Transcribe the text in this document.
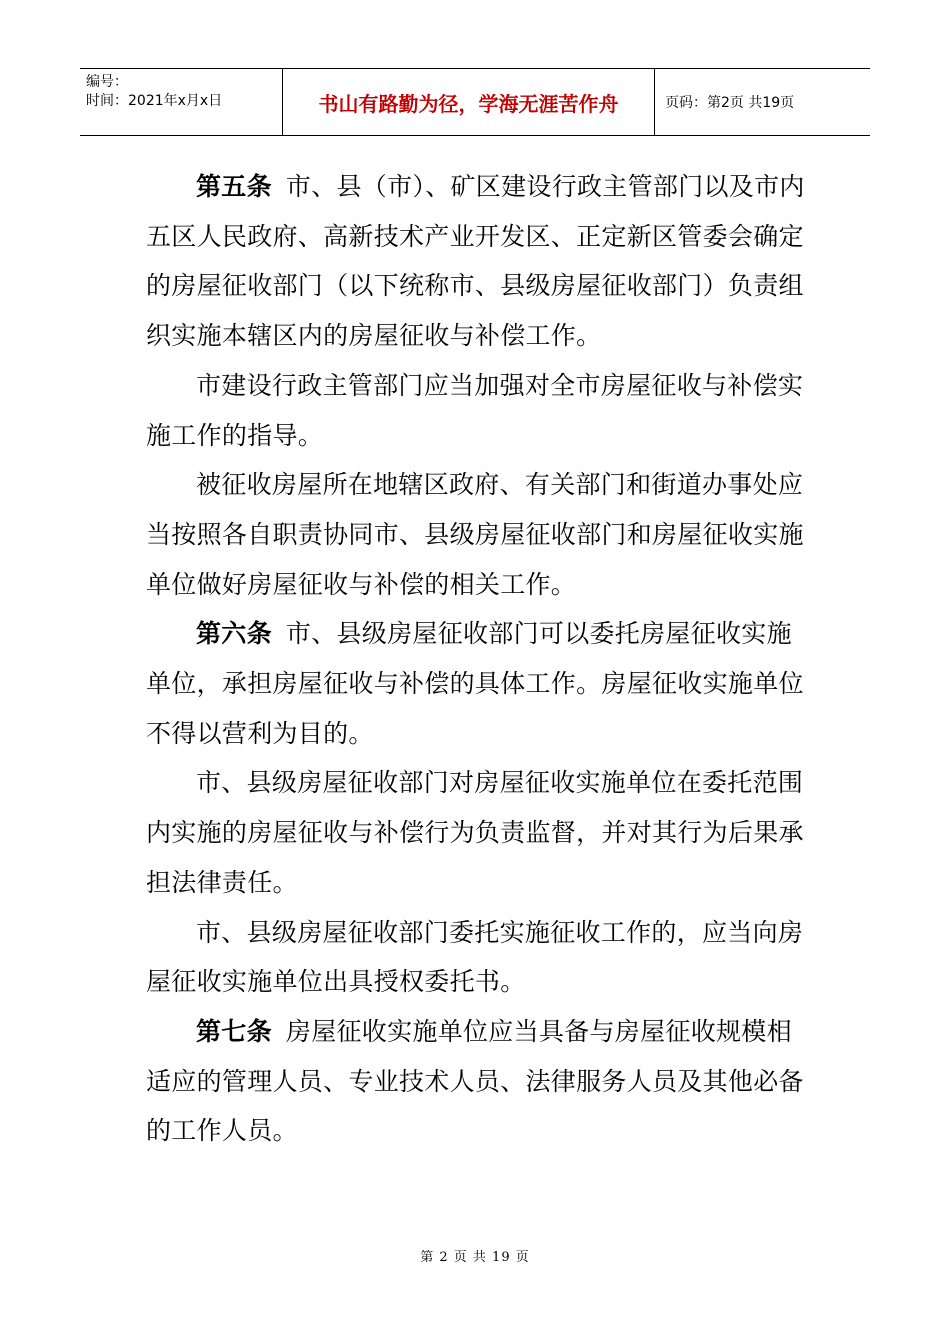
编号：
时间：2021年x月x日	书山有路勤为径，学海无涯苦作舟	页码：第2页 共19页

第五条 市、县（市）、矿区建设行政主管部门以及市内五区人民政府、高新技术产业开发区、正定新区管委会确定的房屋征收部门（以下统称市、县级房屋征收部门）负责组织实施本辖区内的房屋征收与补偿工作。

市建设行政主管部门应当加强对全市房屋征收与补偿实施工作的指导。

被征收房屋所在地辖区政府、有关部门和街道办事处应当按照各自职责协同市、县级房屋征收部门和房屋征收实施单位做好房屋征收与补偿的相关工作。

第六条 市、县级房屋征收部门可以委托房屋征收实施单位，承担房屋征收与补偿的具体工作。房屋征收实施单位不得以营利为目的。

市、县级房屋征收部门对房屋征收实施单位在委托范围内实施的房屋征收与补偿行为负责监督，并对其行为后果承担法律责任。

市、县级房屋征收部门委托实施征收工作的，应当向房屋征收实施单位出具授权委托书。

第七条 房屋征收实施单位应当具备与房屋征收规模相适应的管理人员、专业技术人员、法律服务人员及其他必备的工作人员。

第 2 页 共 19 页
